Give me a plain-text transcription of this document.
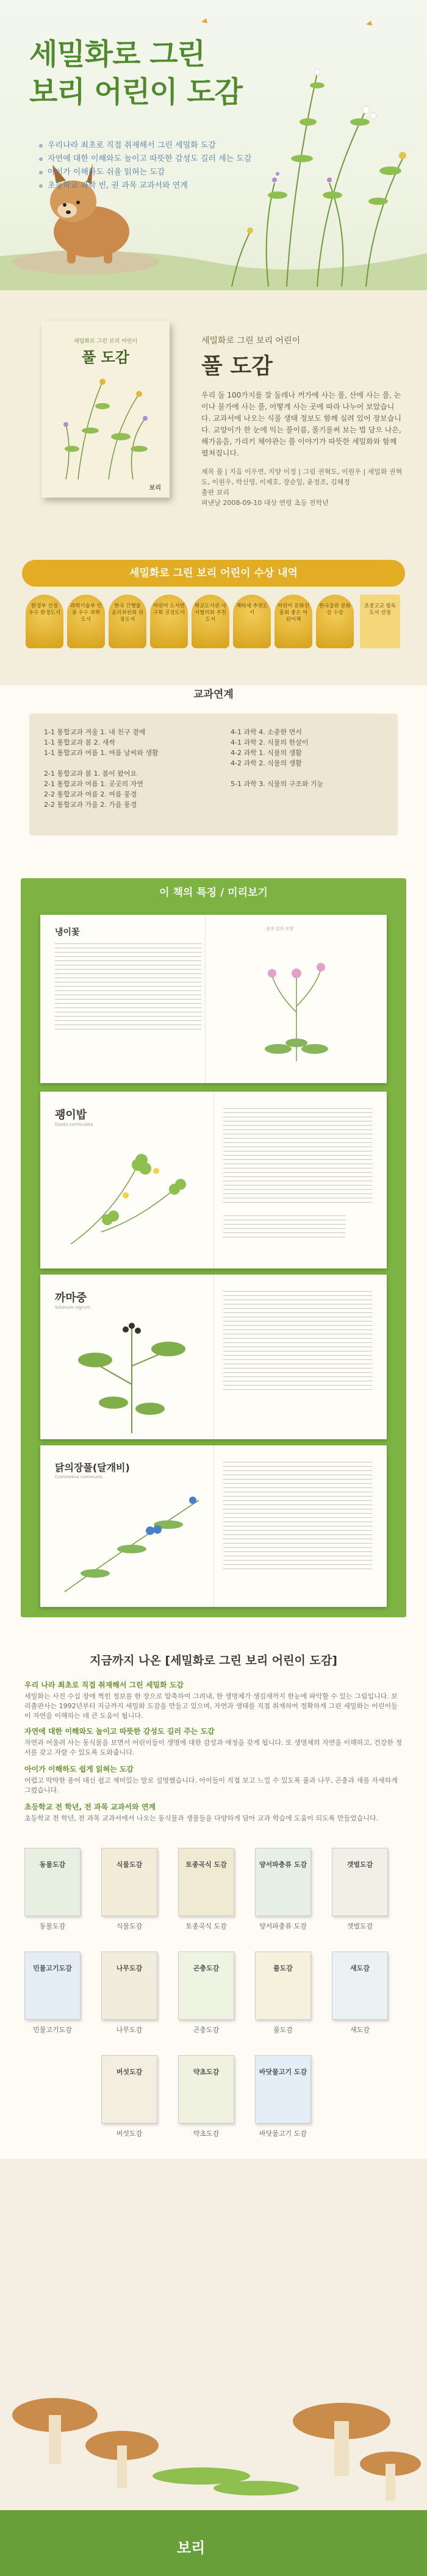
세밀화로 그린
보리 어린이 도감
우리나라 최초로 직접 취재해서 그린 세밀화 도감
자연에 대한 이해와도 놀이고 따뜻한 감성도 길러 세는 도감
아이가 이해하도 쉬울 읽혀는 도감
초등학교 과학 빈, 권 과목 교과서와 연계
세밀화로 그린 보리 어린이
풀 도감
보리
세밀화로 그린 보리 어린이
풀 도감
우리 둘 100가지를 잘 둘레나 꺼가에 사는 풀, 산에 사는 풀, 논이나 물가에 사는 풀, 어떻게 사는 곳에 따라 나누어 보았습니다. 교과서에 나오는 식물 생태 정보도 함께 실려 있어 장보습니다. 교양이가 한 눈에 익는 풀이름, 풀기를써 보는 법 담으 나은, 해가음을, 가리키 채야관는 풀 이야기가 따뜻한 세밀화와 함께 펼쳐집니다.
제목 풀 | 지음 이우연, 지양 이정 | 그림 권혁도, 이원우 | 세밀화 권혁도, 이원우, 박신영, 이제호, 장순일, 윤정조, 김혜정
출판 보리
펴낸날 2008-09-10 대상 연령 초등 전학년
세밀화로 그린 보리 어린이 수상 내역
환경부 선정 우수 환경도서
과학기술부 인증 우수 과학도서
한국 간행물 윤리위원회 권장도서
어린이 도서연구회 권장도서
학교도서관 사서협의회 추천도서
책따세 추천도서
어린이 문화진흥회 좋은 어린이책
한국출판 문화상 수상
초중고교 필독 도서 선정
교과연계
1-1 통합교과 겨울 1. 내 친구 곁에
1-1 통합교과 봄 2. 새싹
1-1 통합교과 여름 1. 여름 날씨와 생활
2-1 통합교과 봄 1. 봄이 왔어요
2-1 통합교과 여름 1. 곳곳의 자연
2-2 통합교과 여름 2. 여름 풍경
2-2 통합교과 가을 2. 가을 풍경
4-1 과학 4. 소중한 면서
4-1 과학 2. 식물의 한살이
4-2 과학 1. 식물의 생활
4-2 과학 2. 식물의 생활
5-1 과학 3. 식물의 구조와 기능
이 책의 특징 / 미리보기
냉이꽃	꽃과 잎의 모양
괭이밥
Oxalis corniculata
까마중
Solanum nigrum
닭의장풀(달개비)
Commelina communis
지금까지 나온 [세밀화로 그린 보리 어린이 도감]
우리 나라 최초로 직접 취재해서 그린 세밀화 도감
세밀화는 사진 수십 장에 찍힌 정보를 한 장으로 압축하여 그려내, 한 생명체가 생김새까지 한눈에 파악할 수 있는 그림입니다. 보리출판사는 1992년부터 지금까지 세밀화 도감을 만들고 있으며, 자연과 생태를 직접 취재하여 정확하게 그린 세밀화는 어린이들이 자연을 이해하는 데 큰 도움이 됩니다.
자연에 대한 이해와도 놀이고 따뜻한 감성도 길러 주는 도감
자연과 어울려 사는 동식물을 보면서 어린이들이 생명에 대한 감성과 애정을 갖게 됩니다. 또 생명체의 자연을 이해하고, 건강한 정서를 갖고 자랄 수 있도록 도와줍니다.
아이가 이해하도 쉽게 읽혀는 도감
어렵고 딱딱한 용어 대신 쉽고 재미있는 말로 설명했습니다. 아이들이 직접 보고 느낄 수 있도록 풀과 나무, 곤충과 새를 자세하게 그렸습니다.
초등학교 전 학년, 전 과목 교과서와 연계
초등학교 전 학년, 전 과목 교과서에서 나오는 동식물과 생물들을 다양하게 담아 교과 학습에 도움이 되도록 만들었습니다.
동물도감
동물도감
식물도감
식물도감
토종곡식 도감
토종곡식 도감
양서파충류 도감
양서파충류 도감
갯벌도감
갯벌도감
민물고기도감
민물고기도감
나무도감
나무도감
곤충도감
곤충도감
풀도감
풀도감
새도감
새도감
버섯도감
버섯도감
약초도감
약초도감
바닷물고기 도감
바닷물고기 도감
보리
